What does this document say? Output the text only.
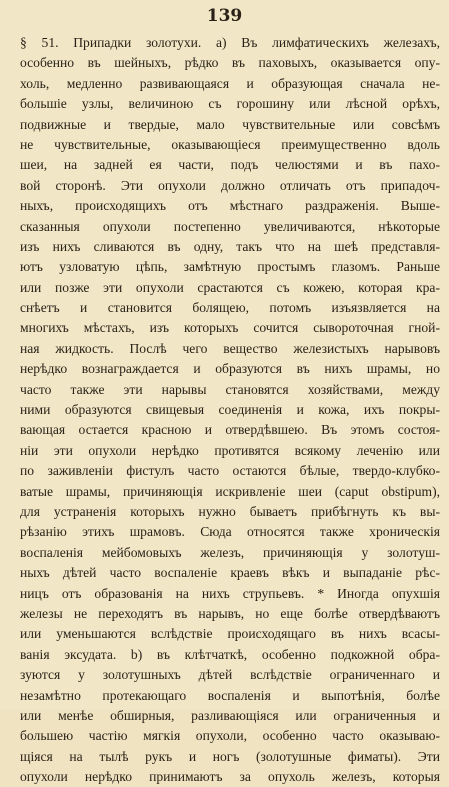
139
§ 51. Припадки золотухи. а) Въ лимфатическихъ железахъ,
особенно въ шейныхъ, рѣдко въ паховыхъ, оказывается опу-
холь, медленно развивающаяся и образующая сначала не-
большіе узлы, величиною съ горошину или лѣсной орѣхъ,
подвижные и твердые, мало чувствительные или совсѣмъ
не чувствительные, оказывающіеся преимущественно вдоль
шеи, на задней ея части, подъ челюстями и въ пахо-
вой сторонѣ. Эти опухоли должно отличать отъ припадоч-
ныхъ, происходящихъ отъ мѣстнаго раздраженія. Выше-
сказанныя опухоли постепенно увеличиваются, нѣкоторые
изъ нихъ сливаются въ одну, такъ что на шеѣ представля-
ютъ узловатую цѣпь, замѣтную простымъ глазомъ. Раньше
или позже эти опухоли срастаются съ кожею, которая кра-
снѣетъ и становится болящею, потомъ изъязвляется на
многихъ мѣстахъ, изъ которыхъ сочится сывороточная гной-
ная жидкость. Послѣ чего вещество железистыхъ нарывовъ
нерѣдко вознаграждается и образуются въ нихъ шрамы, но
часто также эти нарывы становятся хозяйствами, между
ними образуются свищевыя соединенія и кожа, ихъ покры-
вающая остается красною и отвердѣвшею. Въ этомъ состоя-
ніи эти опухоли нерѣдко противятся всякому леченію или
по заживленіи фистулъ часто остаются бѣлые, твердо-клубко-
ватые шрамы, причиняющія искривленіе шеи (caput obstipum),
для устраненія которыхъ нужно бываетъ прибѣгнуть къ вы-
рѣзанію этихъ шрамовъ. Сюда относятся также хроническія
воспаленія мейбомовыхъ железъ, причиняющія у золотуш-
ныхъ дѣтей часто воспаленіе краевъ вѣкъ и выпаданіе рѣс-
ницъ отъ образованія на нихъ струпьевъ. * Иногда опухшія
железы не переходятъ въ нарывъ, но еще болѣе отвердѣваютъ
или уменьшаются вслѣдствіе происходящаго въ нихъ всасы-
ванія эксудата. b) въ клѣтчаткѣ, особенно подкожной обра-
зуются у золотушныхъ дѣтей вслѣдствіе ограниченнаго и
незамѣтно протекающаго воспаленія и выпотѣнія, болѣе
или менѣе обширныя, разливающіяся или ограниченныя и
большею частію мягкія опухоли, особенно часто оказываю-
щіяся на тылѣ рукъ и ногъ (золотушные фиматы). Эти
опухоли нерѣдко принимаютъ за опухоль железъ, которыя
